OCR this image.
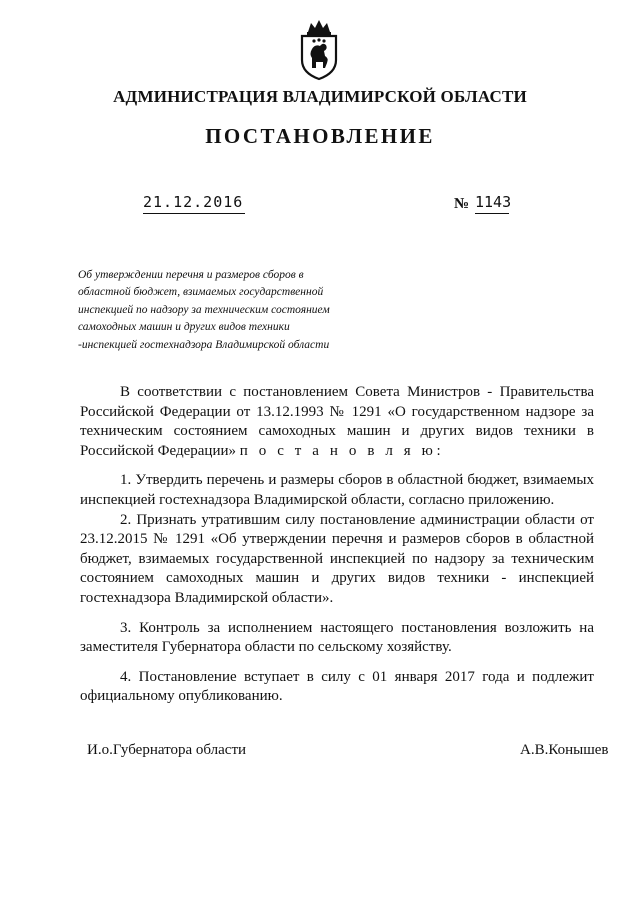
АДМИНИСТРАЦИЯ ВЛАДИМИРСКОЙ ОБЛАСТИ
ПОСТАНОВЛЕНИЕ
21.12.2016	№ 1143
Об утверждении перечня и размеров сборов в
областной бюджет, взимаемых государственной
инспекцией по надзору за техническим состоянием
самоходных машин и других видов техники
-инспекцией гостехнадзора Владимирской области

В соответствии с постановлением Совета Министров - Правительства Российской Федерации от 13.12.1993 № 1291 «О государственном надзоре за техническим состоянием самоходных машин и других видов техники в Российской Федерации» п о с т а н о в л я ю:

1. Утвердить перечень и размеры сборов в областной бюджет, взимаемых инспекцией гостехнадзора Владимирской области, согласно приложению.

2. Признать утратившим силу постановление администрации области от 23.12.2015 № 1291 «Об утверждении перечня и размеров сборов в областной бюджет, взимаемых государственной инспекцией по надзору за техническим состоянием самоходных машин и других видов техники - инспекцией гостехнадзора Владимирской области».

3. Контроль за исполнением настоящего постановления возложить на заместителя Губернатора области по сельскому хозяйству.

4. Постановление вступает в силу с 01 января 2017 года и подлежит официальному опубликованию.

И.о.Губернатора области	А.В.Конышев
